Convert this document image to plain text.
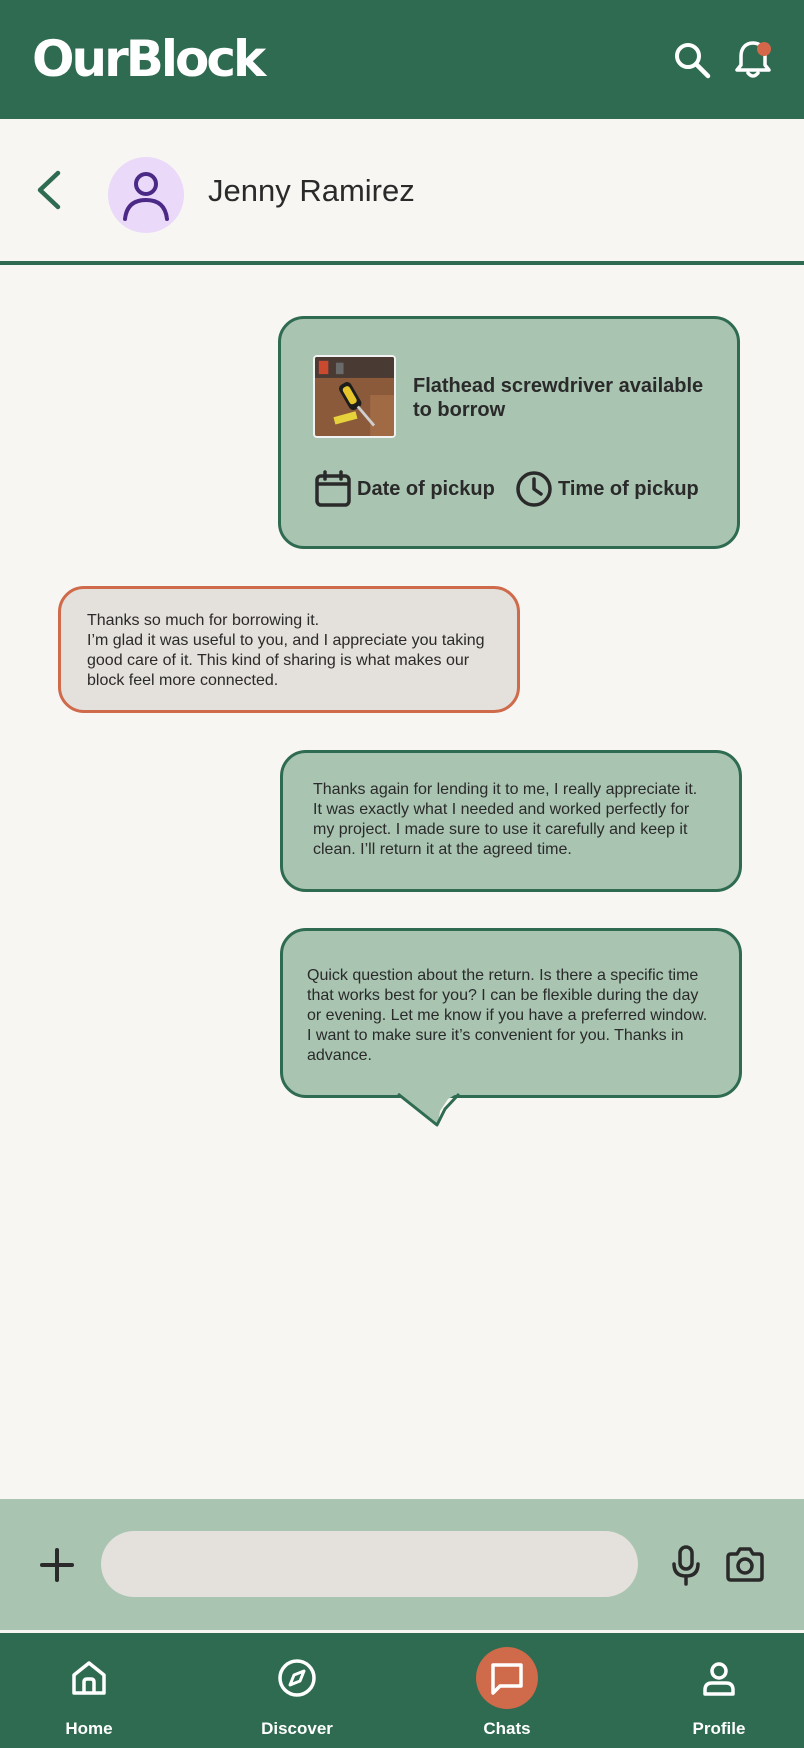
OurBlock
Jenny Ramirez
Flathead screwdriver available to borrow
Date of pickup	Time of pickup
Thanks so much for borrowing it.
I’m glad it was useful to you, and I appreciate you taking good care of it. This kind of sharing is what makes our block feel more connected.
Thanks again for lending it to me, I really appreciate it. It was exactly what I needed and worked perfectly for my project. I made sure to use it carefully and keep it clean. I’ll return it at the agreed time.
Quick question about the return. Is there a specific time that works best for you? I can be flexible during the day or evening. Let me know if you have a preferred window. I want to make sure it’s convenient for you. Thanks in advance.
Home	Discover	Chats	Profile
